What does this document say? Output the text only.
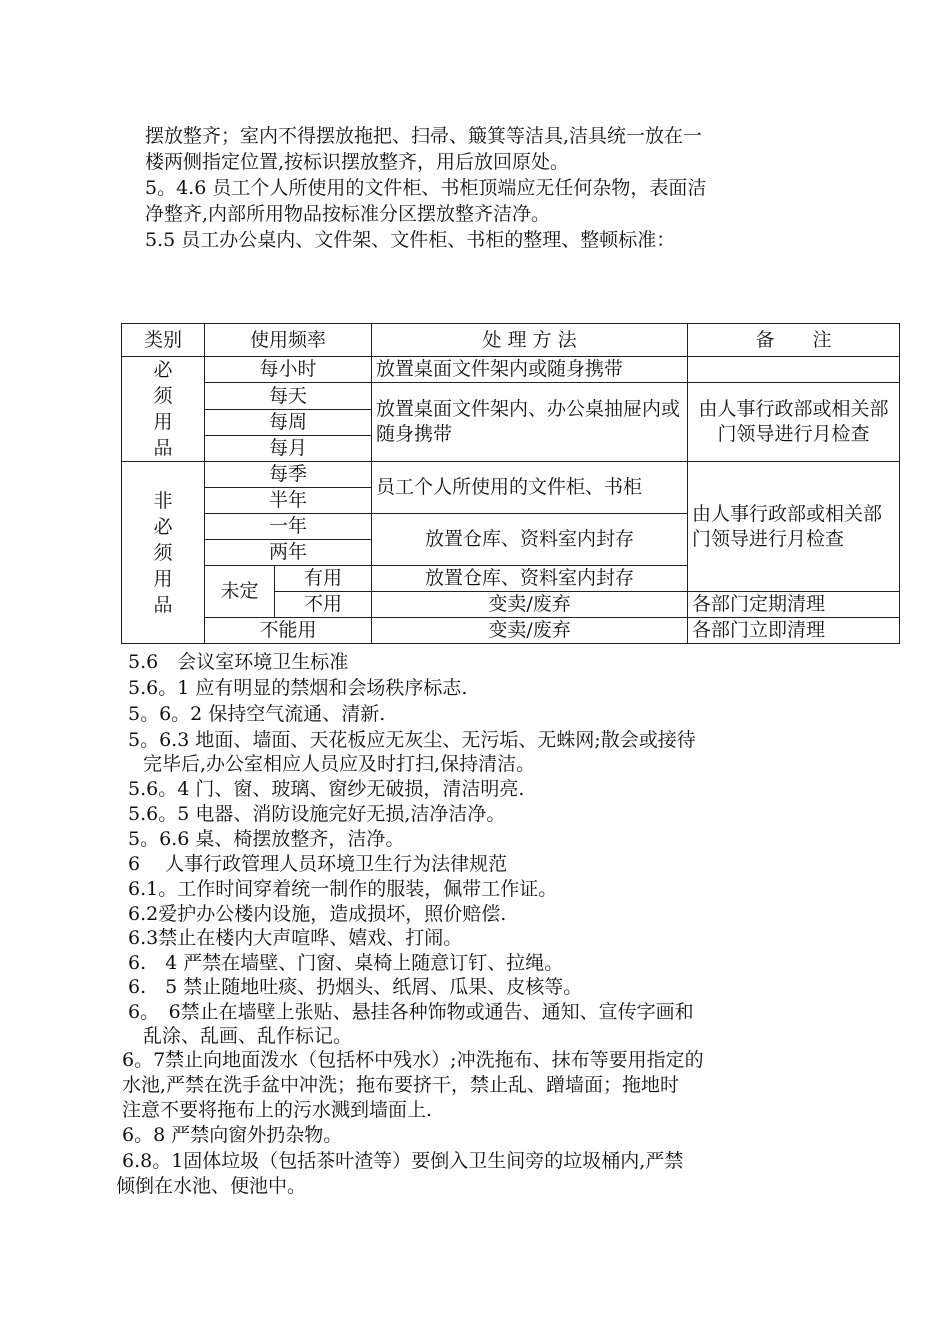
摆放整齐；室内不得摆放拖把、扫帚、簸箕等洁具,洁具统一放在一

楼两侧指定位置,按标识摆放整齐，用后放回原处。

5。4.6 员工个人所使用的文件柜、书柜顶端应无任何杂物，表面洁

净整齐,内部所用物品按标准分区摆放整齐洁净。

5.5 员工办公桌内、文件架、文件柜、书柜的整理、整顿标准：

类别	使用频率		处 理 方 法	备　　注
必
须
用
品	每小时		放置桌面文件架内或随身携带	
	每天		放置桌面文件架内、办公桌抽屉内或随身携带	由人事行政部或相关部门领导进行月检查
	每周			
	每月			
非
必
须
用
品	每季		员工个人所使用的文件柜、书柜	由人事行政部或相关部门领导进行月检查
	半年			
	一年		放置仓库、资料室内封存	
	两年			
	未定	有用	放置仓库、资料室内封存	
		不用	变卖/废弃	各部门定期清理
	不能用		变卖/废弃	各部门立即清理

5.6　会议室环境卫生标准

5.6。1 应有明显的禁烟和会场秩序标志.

5。6。2 保持空气流通、清新.

5。6.3 地面、墙面、天花板应无灰尘、无污垢、无蛛网;散会或接待

完毕后,办公室相应人员应及时打扫,保持清洁。

5.6。4 门、窗、玻璃、窗纱无破损，清洁明亮.

5.6。5 电器、消防设施完好无损,洁净洁净。

5。6.6 桌、椅摆放整齐，洁净。

6　 人事行政管理人员环境卫生行为法律规范

6.1。工作时间穿着统一制作的服装，佩带工作证。

6.2爱护办公楼内设施，造成损坏，照价赔偿.

6.3禁止在楼内大声喧哗、嬉戏、打闹。

6.　4 严禁在墙壁、门窗、桌椅上随意订钉、拉绳。

6.　5 禁止随地吐痰、扔烟头、纸屑、瓜果、皮核等。

6。　6禁止在墙壁上张贴、悬挂各种饰物或通告、通知、宣传字画和

乱涂、乱画、乱作标记。

6。7禁止向地面泼水（包括杯中残水）;冲洗拖布、抹布等要用指定的

水池,严禁在洗手盆中冲洗；拖布要挤干，禁止乱、蹭墙面；拖地时

注意不要将拖布上的污水溅到墙面上.

6。8 严禁向窗外扔杂物。

6.8。1固体垃圾（包括茶叶渣等）要倒入卫生间旁的垃圾桶内,严禁

倾倒在水池、便池中。
